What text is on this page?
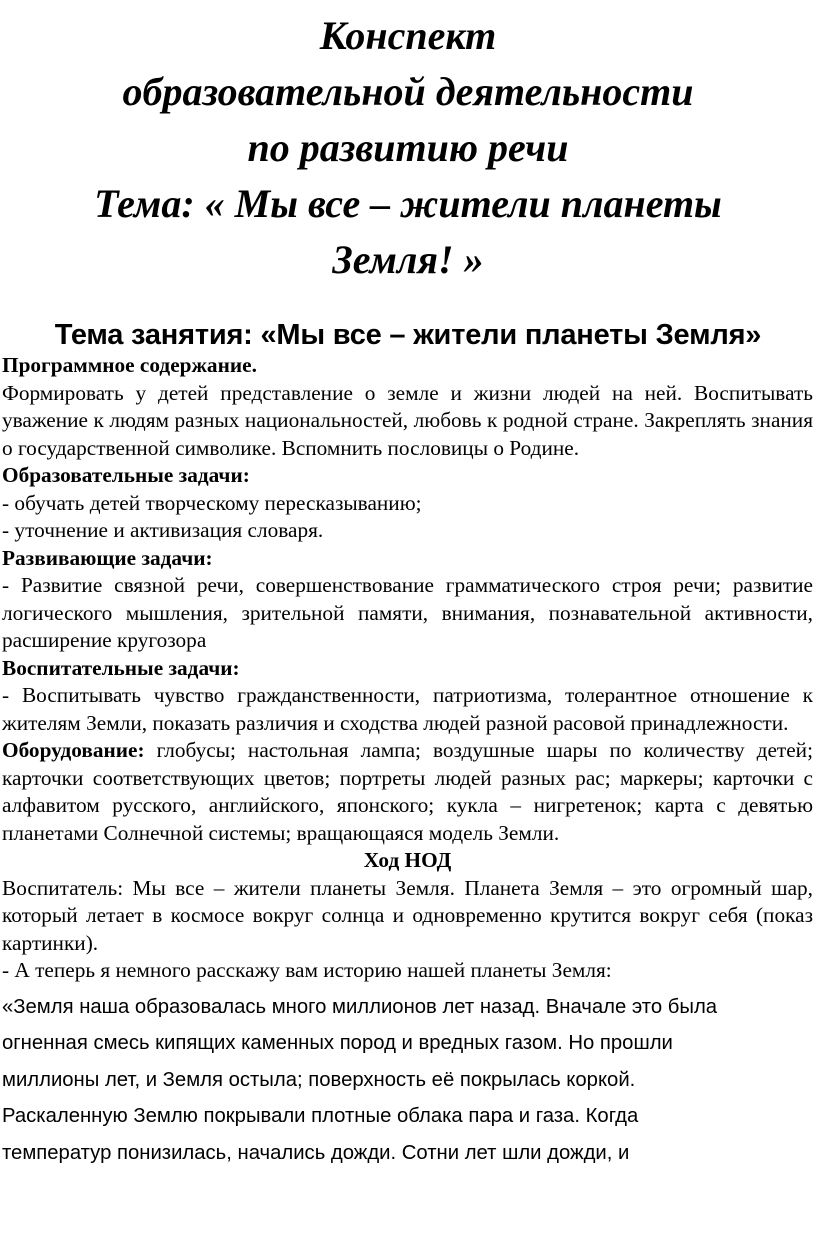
Конспект
образовательной деятельности
по развитию речи
Тема: « Мы все – жители планеты
Земля! »
Тема занятия: «Мы все – жители планеты Земля»

Программное содержание.
Формировать у детей представление о земле и жизни людей на ней. Воспитывать уважение к людям разных национальностей, любовь к родной стране. Закреплять знания о государственной символике. Вспомнить пословицы о Родине.

Образовательные задачи:
- обучать детей творческому пересказыванию;
- уточнение и активизация словаря.

Развивающие задачи:
- Развитие связной речи, совершенствование грамматического строя речи; развитие логического мышления, зрительной памяти, внимания, познавательной активности, расширение кругозора

Воспитательные задачи:
- Воспитывать чувство гражданственности, патриотизма, толерантное отношение к жителям Земли, показать различия и сходства людей разной расовой принадлежности.

Оборудование: глобусы; настольная лампа; воздушные шары по количеству детей; карточки соответствующих цветов; портреты людей разных рас; маркеры; карточки с алфавитом русского, английского, японского; кукла – нигретенок; карта с девятью планетами Солнечной системы; вращающаяся модель Земли.

Ход НОД

Воспитатель: Мы все – жители планеты Земля. Планета Земля – это огромный шар, который летает в космосе вокруг солнца и одновременно крутится вокруг себя (показ картинки).

- А теперь я немного расскажу вам историю нашей планеты Земля:

«Земля наша образовалась много миллионов лет назад. Вначале это была
огненная смесь кипящих каменных пород и вредных газом. Но прошли
миллионы лет, и Земля остыла; поверхность её покрылась коркой.
Раскаленную Землю покрывали плотные облака пара и газа. Когда
температур понизилась, начались дожди. Сотни лет шли дожди, и
